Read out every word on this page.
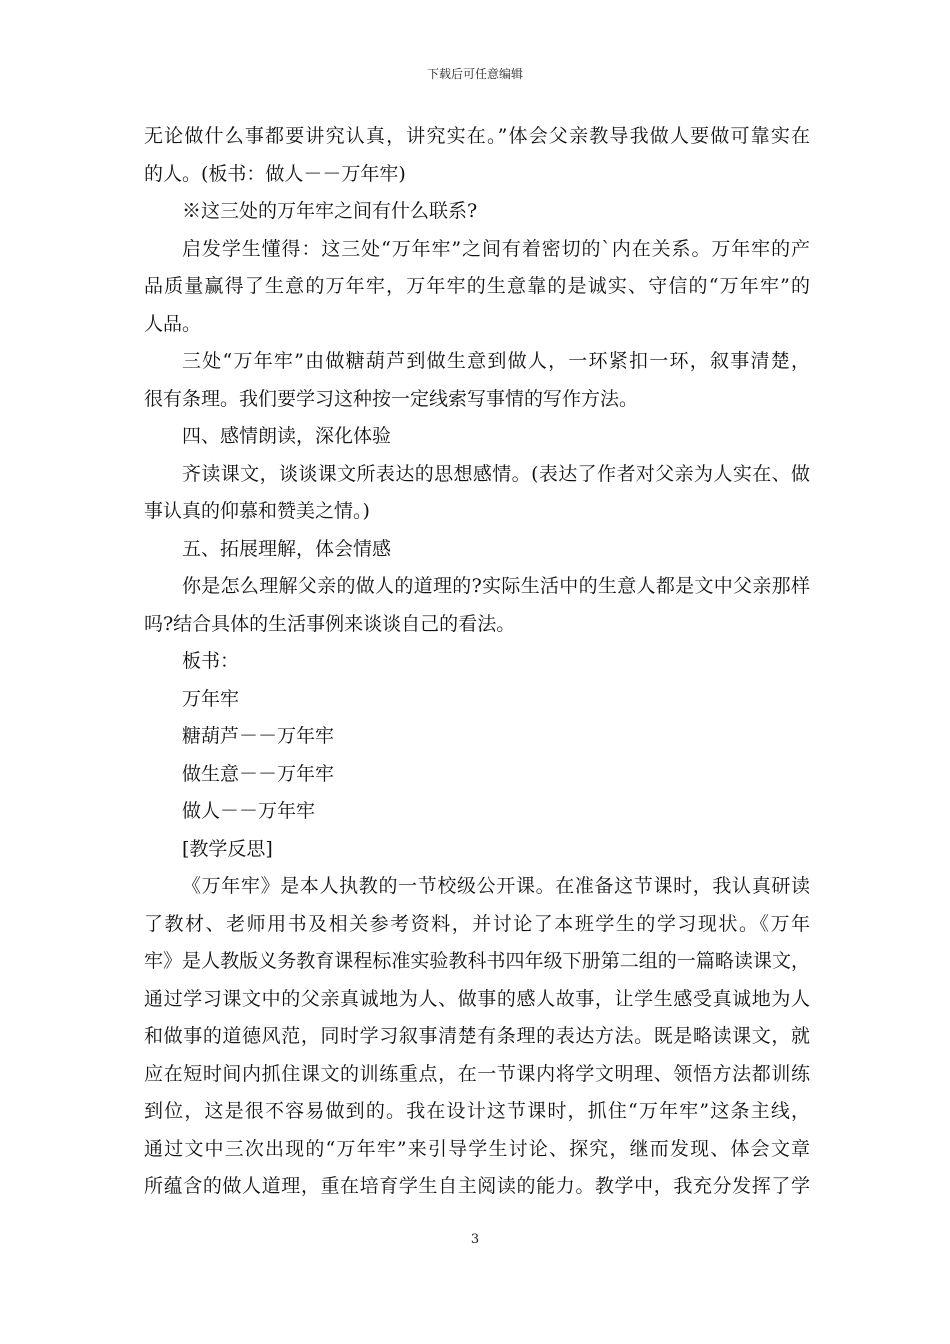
下载后可任意编辑
无论做什么事都要讲究认真，讲究实在。”体会父亲教导我做人要做可靠实在
的人。(板书：做人－－万年牢)
※这三处的万年牢之间有什么联系?
启发学生懂得：这三处“万年牢”之间有着密切的`内在关系。万年牢的产
品质量赢得了生意的万年牢，万年牢的生意靠的是诚实、守信的“万年牢”的
人品。
三处“万年牢”由做糖葫芦到做生意到做人，一环紧扣一环，叙事清楚，
很有条理。我们要学习这种按一定线索写事情的写作方法。
四、感情朗读，深化体验
齐读课文，谈谈课文所表达的思想感情。(表达了作者对父亲为人实在、做
事认真的仰慕和赞美之情。)
五、拓展理解，体会情感
你是怎么理解父亲的做人的道理的?实际生活中的生意人都是文中父亲那样
吗?结合具体的生活事例来谈谈自己的看法。
板书：
万年牢
糖葫芦－－万年牢
做生意－－万年牢
做人－－万年牢
[教学反思]
《万年牢》是本人执教的一节校级公开课。在准备这节课时，我认真研读
了教材、老师用书及相关参考资料，并讨论了本班学生的学习现状。《万年
牢》是人教版义务教育课程标准实验教科书四年级下册第二组的一篇略读课文，
通过学习课文中的父亲真诚地为人、做事的感人故事，让学生感受真诚地为人
和做事的道德风范，同时学习叙事清楚有条理的表达方法。既是略读课文，就
应在短时间内抓住课文的训练重点，在一节课内将学文明理、领悟方法都训练
到位，这是很不容易做到的。我在设计这节课时，抓住“万年牢”这条主线，
通过文中三次出现的“万年牢”来引导学生讨论、探究，继而发现、体会文章
所蕴含的做人道理，重在培育学生自主阅读的能力。教学中，我充分发挥了学
3
